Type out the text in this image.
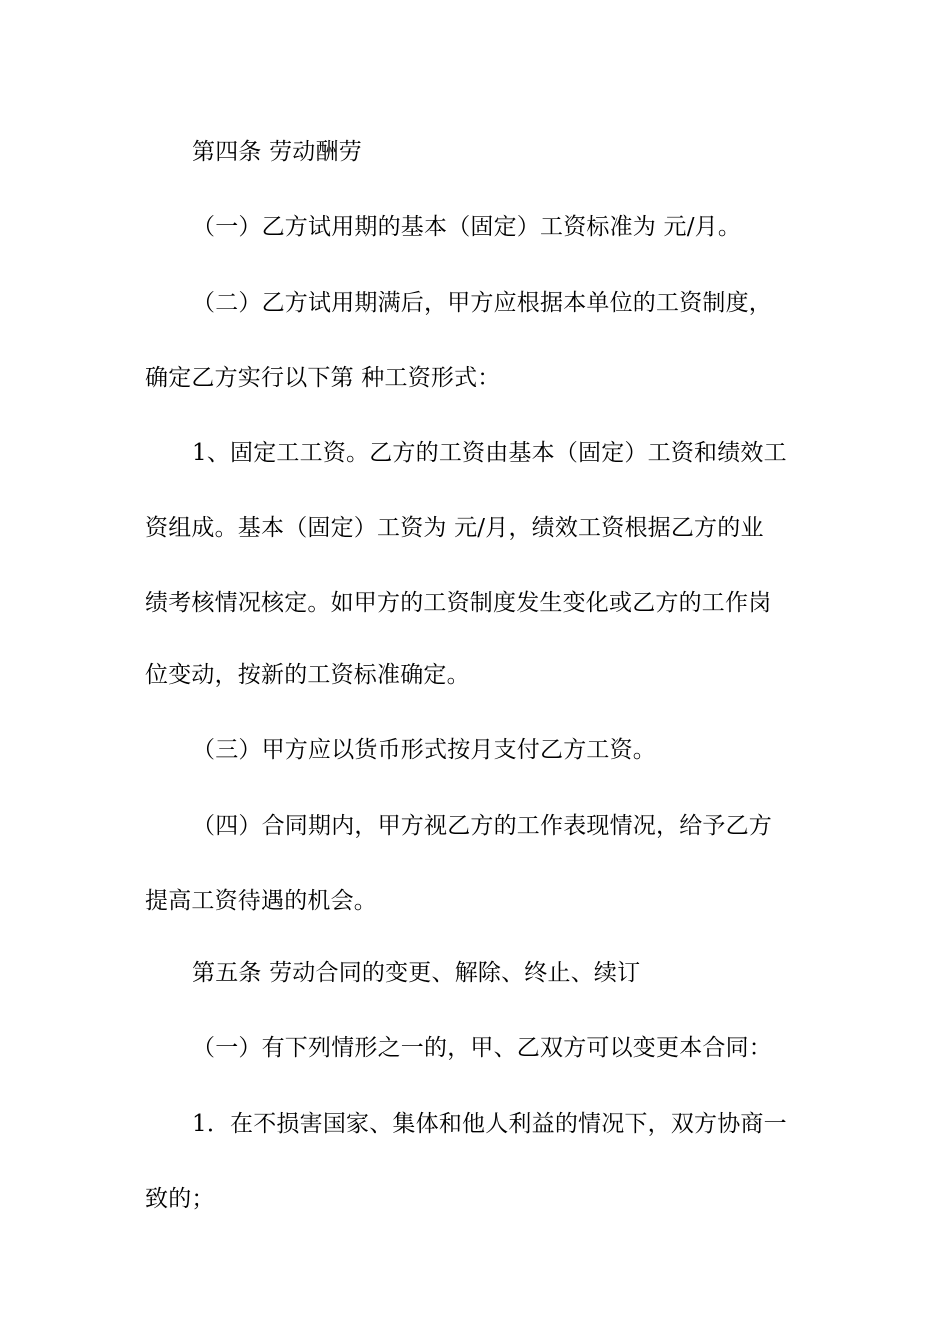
第四条 劳动酬劳
（一）乙方试用期的基本（固定）工资标准为 元/月。
（二）乙方试用期满后，甲方应根据本单位的工资制度，
确定乙方实行以下第 种工资形式：
1、固定工工资。乙方的工资由基本（固定）工资和绩效工
资组成。基本（固定）工资为 元/月，绩效工资根据乙方的业
绩考核情况核定。如甲方的工资制度发生变化或乙方的工作岗
位变动，按新的工资标准确定。
（三）甲方应以货币形式按月支付乙方工资。
（四）合同期内，甲方视乙方的工作表现情况，给予乙方
提高工资待遇的机会。
第五条 劳动合同的变更、解除、终止、续订
（一）有下列情形之一的，甲、乙双方可以变更本合同：
1．在不损害国家、集体和他人利益的情况下，双方协商一
致的；
